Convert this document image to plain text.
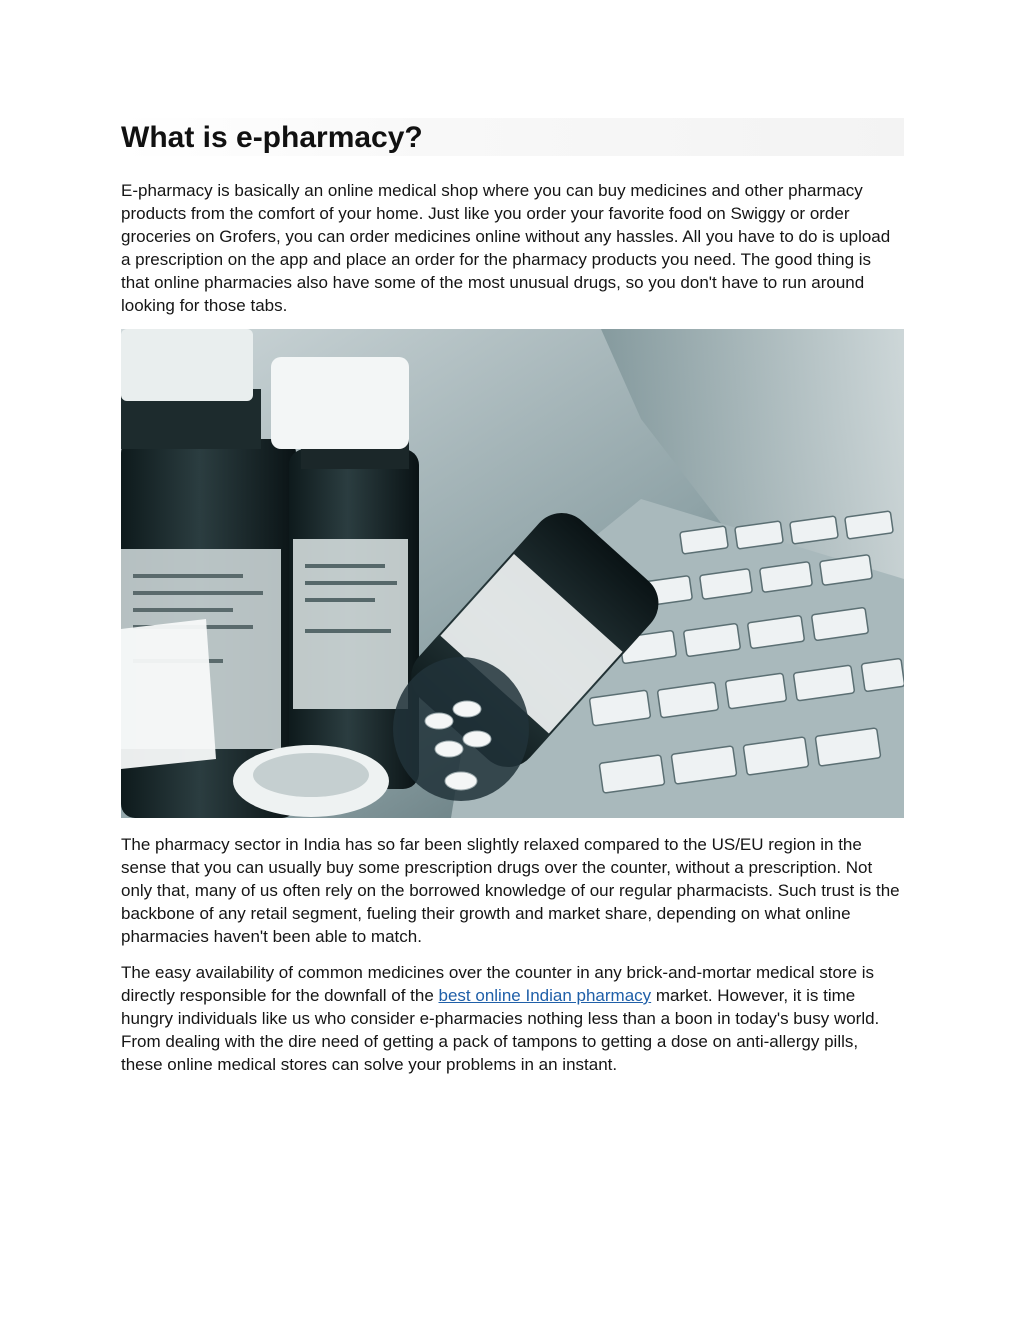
What is e-pharmacy?

E-pharmacy is basically an online medical shop where you can buy medicines and other pharmacy products from the comfort of your home. Just like you order your favorite food on Swiggy or order groceries on Grofers, you can order medicines online without any hassles. All you have to do is upload a prescription on the app and place an order for the pharmacy products you need. The good thing is that online pharmacies also have some of the most unusual drugs, so you don't have to run around looking for those tabs.

The pharmacy sector in India has so far been slightly relaxed compared to the US/EU region in the sense that you can usually buy some prescription drugs over the counter, without a prescription. Not only that, many of us often rely on the borrowed knowledge of our regular pharmacists. Such trust is the backbone of any retail segment, fueling their growth and market share, depending on what online pharmacies haven't been able to match.

The easy availability of common medicines over the counter in any brick-and-mortar medical store is directly responsible for the downfall of the best online Indian pharmacy market. However, it is time hungry individuals like us who consider e-pharmacies nothing less than a boon in today's busy world. From dealing with the dire need of getting a pack of tampons to getting a dose on anti-allergy pills, these online medical stores can solve your problems in an instant.
